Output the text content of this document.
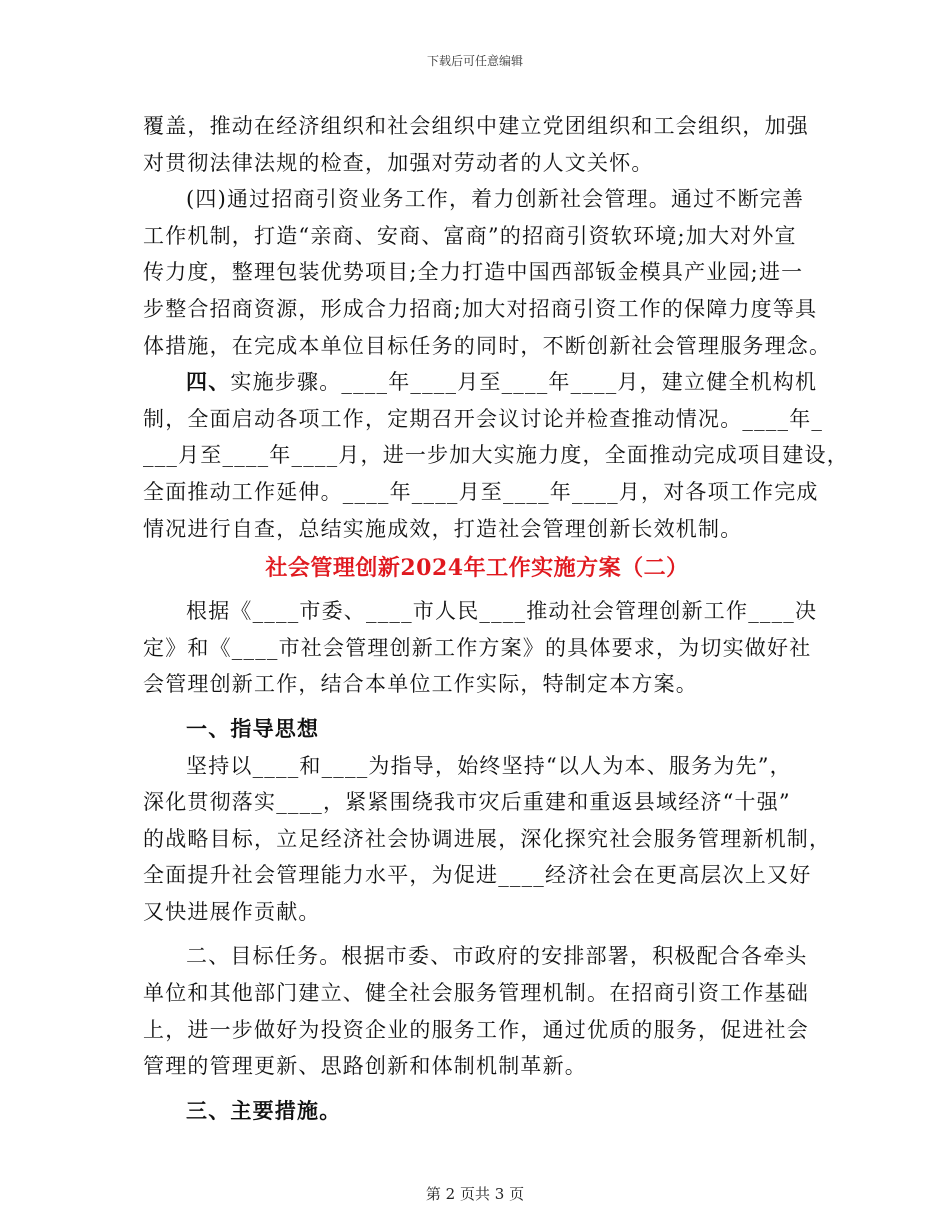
下载后可任意编辑
覆盖，推动在经济组织和社会组织中建立党团组织和工会组织，加强
对贯彻法律法规的检查，加强对劳动者的人文关怀。
(四)通过招商引资业务工作，着力创新社会管理。通过不断完善
工作机制，打造“亲商、安商、富商”的招商引资软环境;加大对外宣
传力度，整理包装优势项目;全力打造中国西部钣金模具产业园;进一
步整合招商资源，形成合力招商;加大对招商引资工作的保障力度等具
体措施，在完成本单位目标任务的同时，不断创新社会管理服务理念。
四、实施步骤。____年____月至____年____月，建立健全机构机
制，全面启动各项工作，定期召开会议讨论并检查推动情况。____年_
___月至____年____月，进一步加大实施力度，全面推动完成项目建设，
全面推动工作延伸。____年____月至____年____月，对各项工作完成
情况进行自查，总结实施成效，打造社会管理创新长效机制。
社会管理创新2024年工作实施方案（二）
根据《____市委、____市人民____推动社会管理创新工作____决
定》和《____市社会管理创新工作方案》的具体要求，为切实做好社
会管理创新工作，结合本单位工作实际，特制定本方案。
一、指导思想
坚持以____和____为指导，始终坚持“以人为本、服务为先”，
深化贯彻落实____，紧紧围绕我市灾后重建和重返县域经济“十强”
的战略目标，立足经济社会协调进展，深化探究社会服务管理新机制，
全面提升社会管理能力水平，为促进____经济社会在更高层次上又好
又快进展作贡献。
二、目标任务。根据市委、市政府的安排部署，积极配合各牵头
单位和其他部门建立、健全社会服务管理机制。在招商引资工作基础
上，进一步做好为投资企业的服务工作，通过优质的服务，促进社会
管理的管理更新、思路创新和体制机制革新。
三、主要措施。
第 2 页共 3 页
